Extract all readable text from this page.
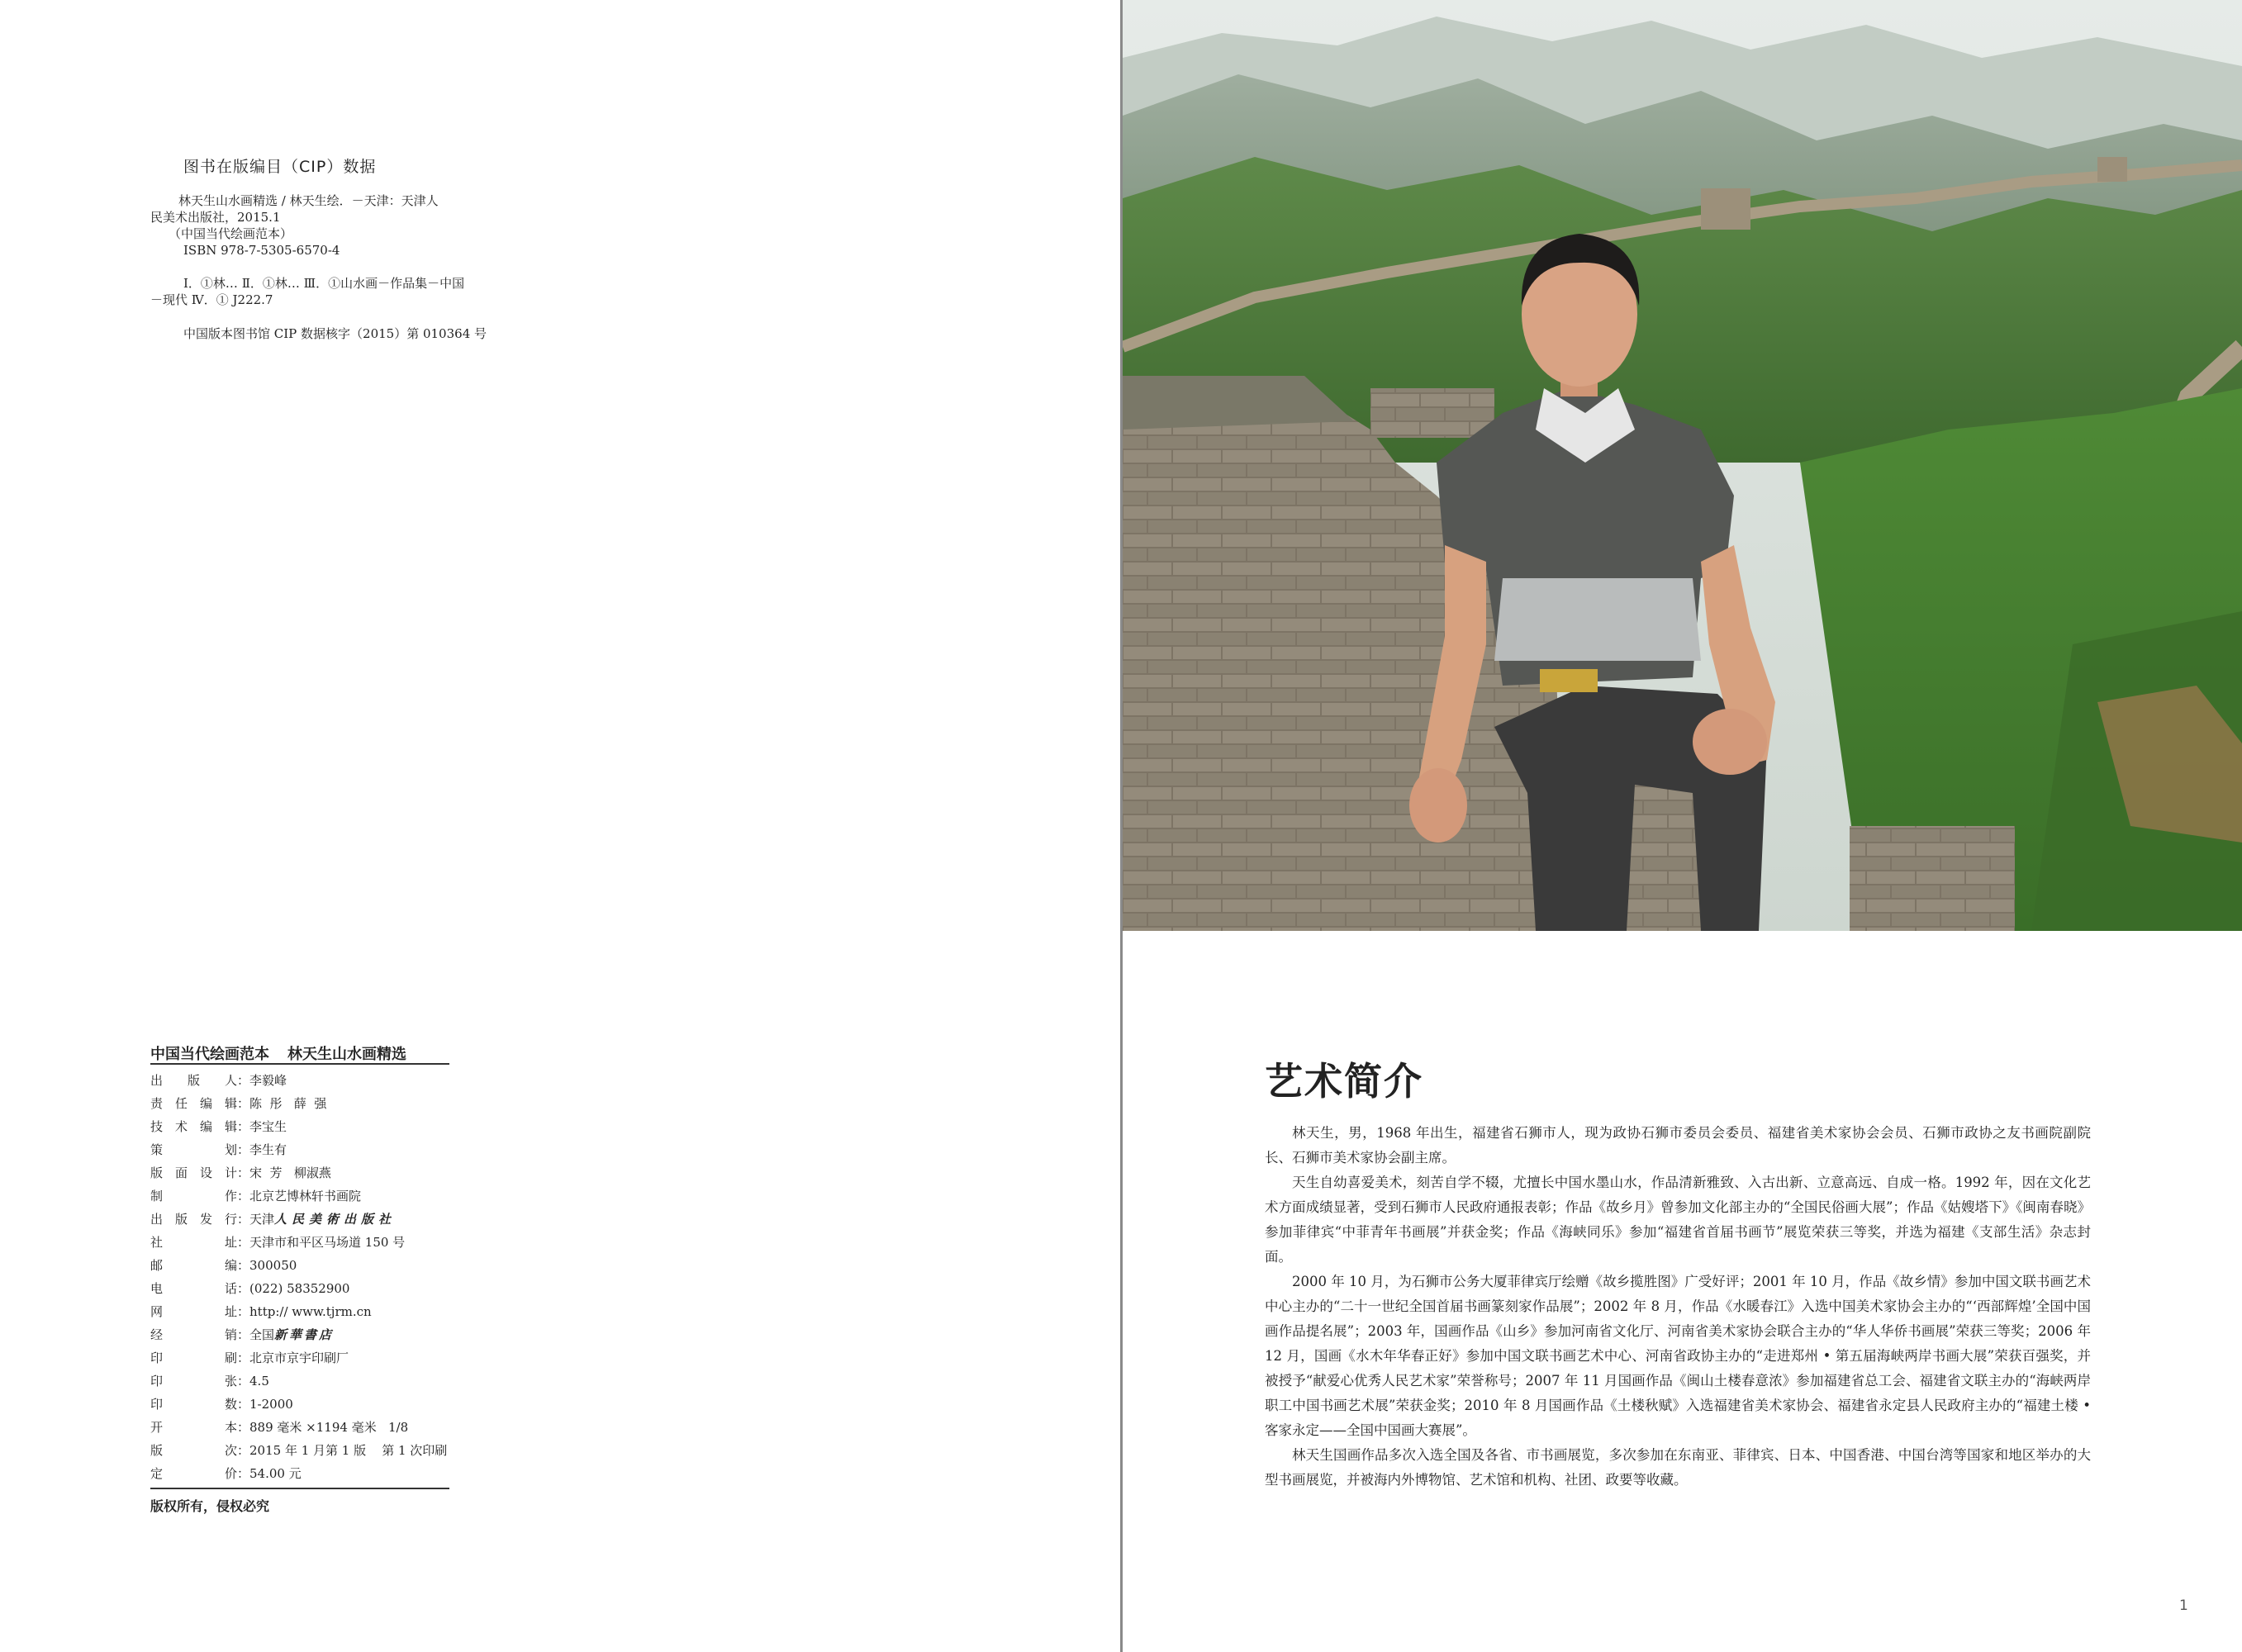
图书在版编目（CIP）数据
林天生山水画精选 / 林天生绘．－天津：天津人
民美术出版社，2015.1
（中国当代绘画范本）
ISBN 978-7-5305-6570-4
Ⅰ．①林… Ⅱ．①林… Ⅲ．①山水画－作品集－中国
－现代 Ⅳ．① J222.7
中国版本图书馆 CIP 数据核字（2015）第 010364 号
中国当代绘画范本 林天生山水画精选
出版人：李毅峰
责任编辑：陈  彤   薛  强
技术编辑：李宝生
策划：李生有
版面设计：宋  芳   柳淑燕
制作：北京艺博林轩书画院
出版发行：天津人民美術出版社
社址：天津市和平区马场道 150 号
邮编：300050
电话：(022) 58352900
网址：http:// www.tjrm.cn
经销：全国新華書店
印刷：北京市京宇印刷厂
印张：4.5
印数：1-2000
开本：889 毫米 ×1194 毫米   1/8
版次：2015 年 1 月第 1 版    第 1 次印刷
定价：54.00 元
版权所有，侵权必究
艺术简介

林天生，男，1968 年出生，福建省石狮市人，现为政协石狮市委员会委员、福建省美术家协会会员、石狮市政协之友书画院副院长、石狮市美术家协会副主席。

天生自幼喜爱美术，刻苦自学不辍，尤擅长中国水墨山水，作品清新雅致、入古出新、立意高远、自成一格。1992 年，因在文化艺术方面成绩显著，受到石狮市人民政府通报表彰；作品《故乡月》曾参加文化部主办的“全国民俗画大展”；作品《姑嫂塔下》《闽南春晓》参加菲律宾“中菲青年书画展”并获金奖；作品《海峡同乐》参加“福建省首届书画节”展览荣获三等奖，并选为福建《支部生活》杂志封面。

2000 年 10 月，为石狮市公务大厦菲律宾厅绘赠《故乡揽胜图》广受好评；2001 年 10 月，作品《故乡情》参加中国文联书画艺术中心主办的“二十一世纪全国首届书画篆刻家作品展”；2002 年 8 月，作品《水暖春江》入选中国美术家协会主办的“‘西部辉煌’全国中国画作品提名展”；2003 年，国画作品《山乡》参加河南省文化厅、河南省美术家协会联合主办的“华人华侨书画展”荣获三等奖；2006 年 12 月，国画《水木年华春正好》参加中国文联书画艺术中心、河南省政协主办的“走进郑州 • 第五届海峡两岸书画大展”荣获百强奖，并被授予“献爱心优秀人民艺术家”荣誉称号；2007 年 11 月国画作品《闽山土楼春意浓》参加福建省总工会、福建省文联主办的“海峡两岸职工中国书画艺术展”荣获金奖；2010 年 8 月国画作品《土楼秋赋》入选福建省美术家协会、福建省永定县人民政府主办的“福建土楼 • 客家永定——全国中国画大赛展”。

林天生国画作品多次入选全国及各省、市书画展览，多次参加在东南亚、菲律宾、日本、中国香港、中国台湾等国家和地区举办的大型书画展览，并被海内外博物馆、艺术馆和机构、社团、政要等收藏。

1
